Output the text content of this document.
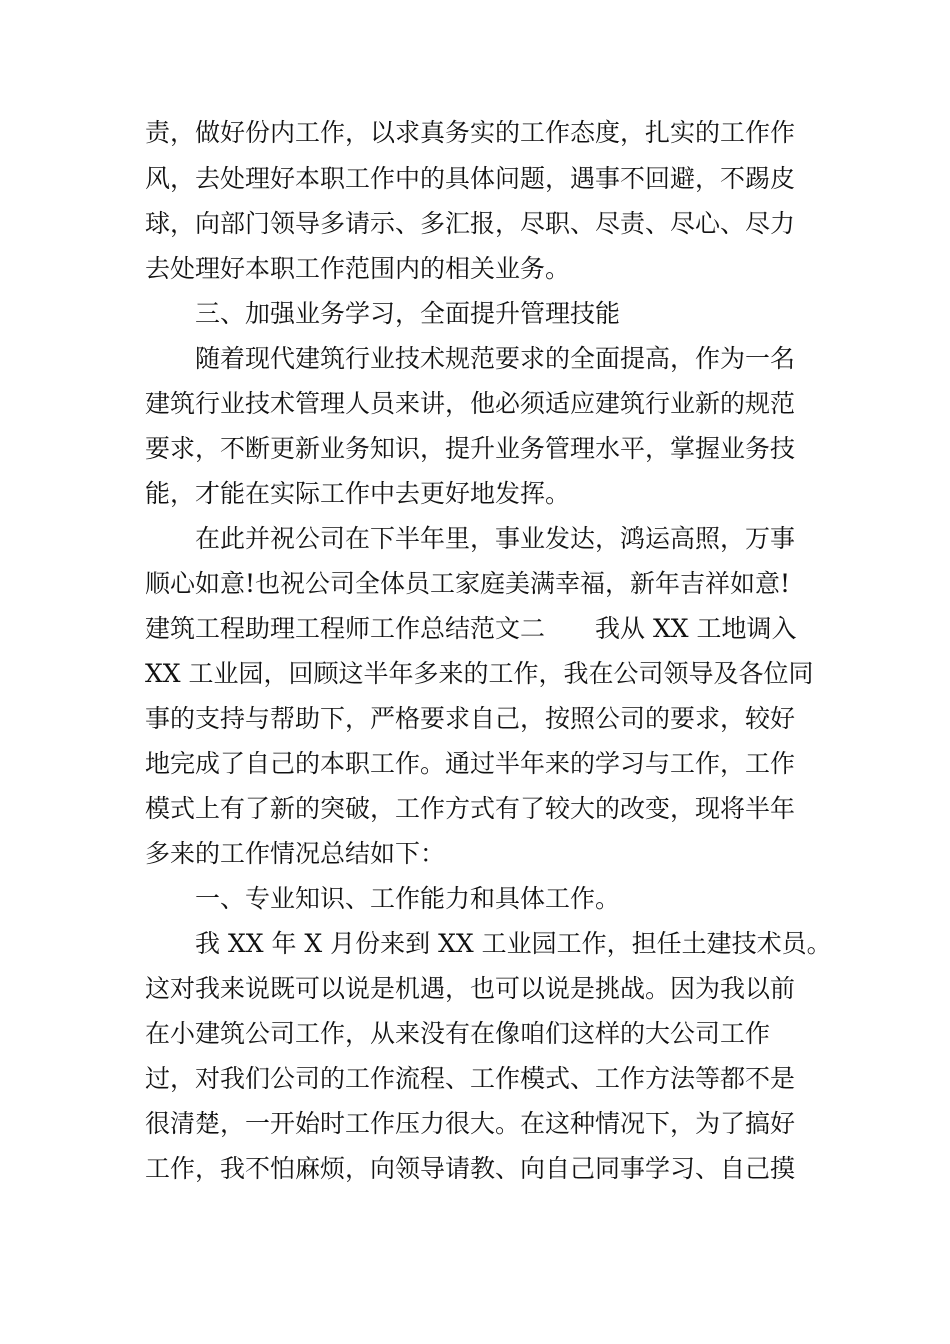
责，做好份内工作，以求真务实的工作态度，扎实的工作作
风，去处理好本职工作中的具体问题，遇事不回避，不踢皮
球，向部门领导多请示、多汇报，尽职、尽责、尽心、尽力
去处理好本职工作范围内的相关业务。
　　三、加强业务学习，全面提升管理技能
　　随着现代建筑行业技术规范要求的全面提高，作为一名
建筑行业技术管理人员来讲，他必须适应建筑行业新的规范
要求，不断更新业务知识，提升业务管理水平，掌握业务技
能，才能在实际工作中去更好地发挥。
　　在此并祝公司在下半年里，事业发达，鸿运高照，万事
顺心如意!也祝公司全体员工家庭美满幸福，新年吉祥如意!
建筑工程助理工程师工作总结范文二　　我从 XX 工地调入
XX 工业园，回顾这半年多来的工作，我在公司领导及各位同
事的支持与帮助下，严格要求自己，按照公司的要求，较好
地完成了自己的本职工作。通过半年来的学习与工作，工作
模式上有了新的突破，工作方式有了较大的改变，现将半年
多来的工作情况总结如下：
　　一、专业知识、工作能力和具体工作。
　　我 XX 年 X 月份来到 XX 工业园工作，担任土建技术员。
这对我来说既可以说是机遇，也可以说是挑战。因为我以前
在小建筑公司工作，从来没有在像咱们这样的大公司工作
过，对我们公司的工作流程、工作模式、工作方法等都不是
很清楚，一开始时工作压力很大。在这种情况下，为了搞好
工作，我不怕麻烦，向领导请教、向自己同事学习、自己摸
